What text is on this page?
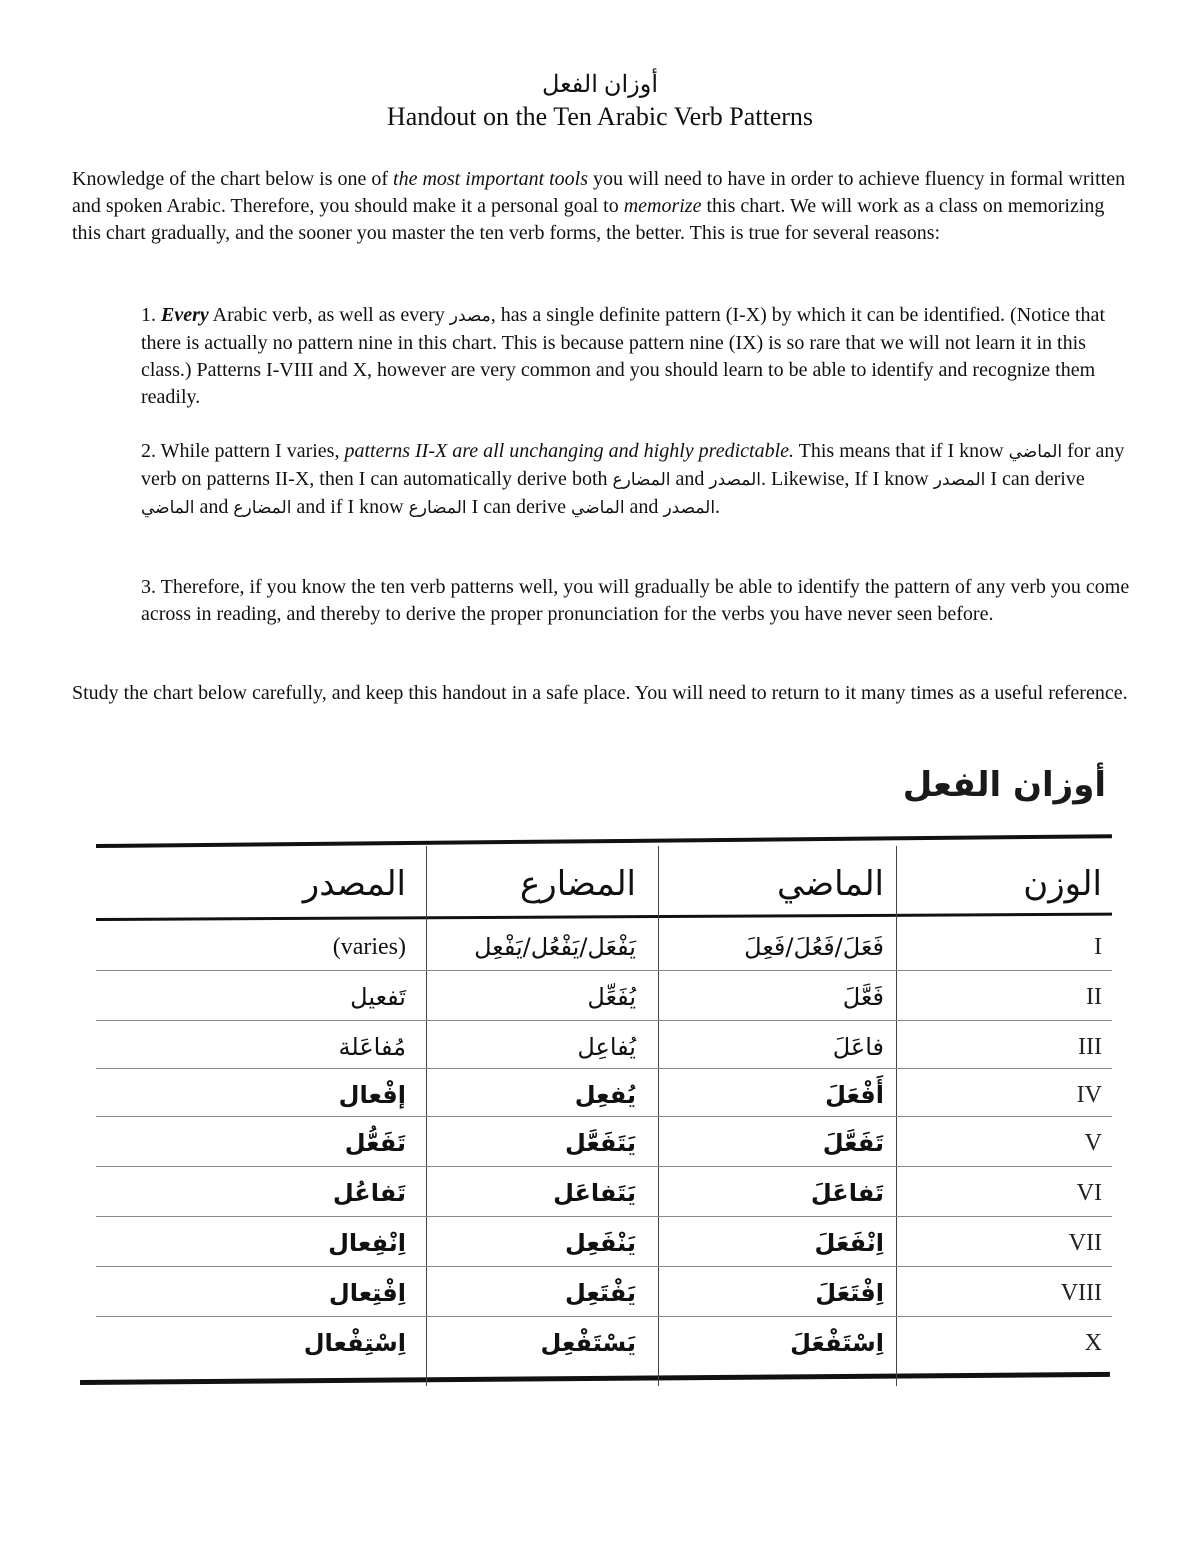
أوزان الفعل
Handout on the Ten Arabic Verb Patterns

Knowledge of the chart below is one of the most important tools you will need to have in order to achieve fluency in formal written and spoken Arabic. Therefore, you should make it a personal goal to memorize this chart. We will work as a class on memorizing this chart gradually, and the sooner you master the ten verb forms, the better. This is true for several reasons:

1. Every Arabic verb, as well as every مصدر, has a single definite pattern (I-X) by which it can be identified. (Notice that there is actually no pattern nine in this chart. This is because pattern nine (IX) is so rare that we will not learn it in this class.) Patterns I-VIII and X, however are very common and you should learn to be able to identify and recognize them readily.

2. While pattern I varies, patterns II-X are all unchanging and highly predictable. This means that if I know الماضي for any verb on patterns II-X, then I can automatically derive both المضارع and المصدر. Likewise, If I know المصدر I can derive الماضي and المضارع and if I know المضارع I can derive الماضي and المصدر.

3. Therefore, if you know the ten verb patterns well, you will gradually be able to identify the pattern of any verb you come across in reading, and thereby to derive the proper pronunciation for the verbs you have never seen before.

Study the chart below carefully, and keep this handout in a safe place. You will need to return to it many times as a useful reference.

أوزان الفعل
المصدر	المضارع	الماضي	الوزن
(varies)	يَفْعَل/يَفْعُل/يَفْعِل	فَعَلَ/فَعُلَ/فَعِلَ	I
تَفعيل	يُفَعِّل	فَعَّلَ	II
مُفاعَلة	يُفاعِل	فاعَلَ	III
إفْعال	يُفعِل	أَفْعَلَ	IV
تَفَعُّل	يَتَفَعَّل	تَفَعَّلَ	V
تَفاعُل	يَتَفاعَل	تَفاعَلَ	VI
اِنْفِعال	يَنْفَعِل	اِنْفَعَلَ	VII
اِفْتِعال	يَفْتَعِل	اِفْتَعَلَ	VIII
اِسْتِفْعال	يَسْتَفْعِل	اِسْتَفْعَلَ	X
